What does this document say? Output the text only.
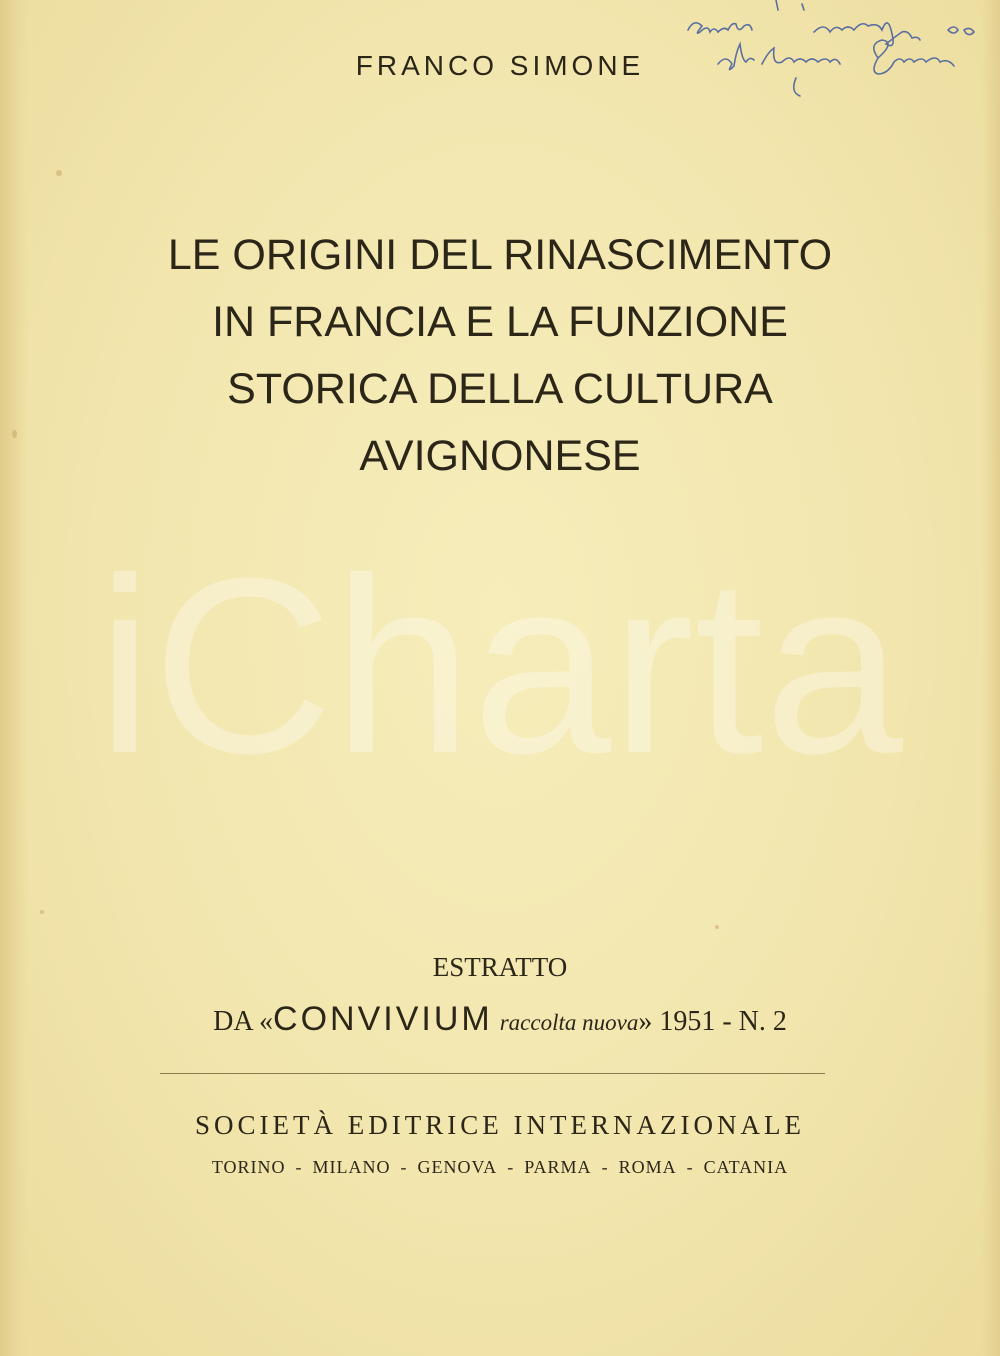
iCharta
FRANCO SIMONE
LE ORIGINI DEL RINASCIMENTO
IN FRANCIA E LA FUNZIONE
STORICA DELLA CULTURA
AVIGNONESE
ESTRATTO
DA «CONVIVIUM raccolta nuova» 1951 - N. 2
SOCIETÀ EDITRICE INTERNAZIONALE
TORINO - MILANO - GENOVA - PARMA - ROMA - CATANIA
